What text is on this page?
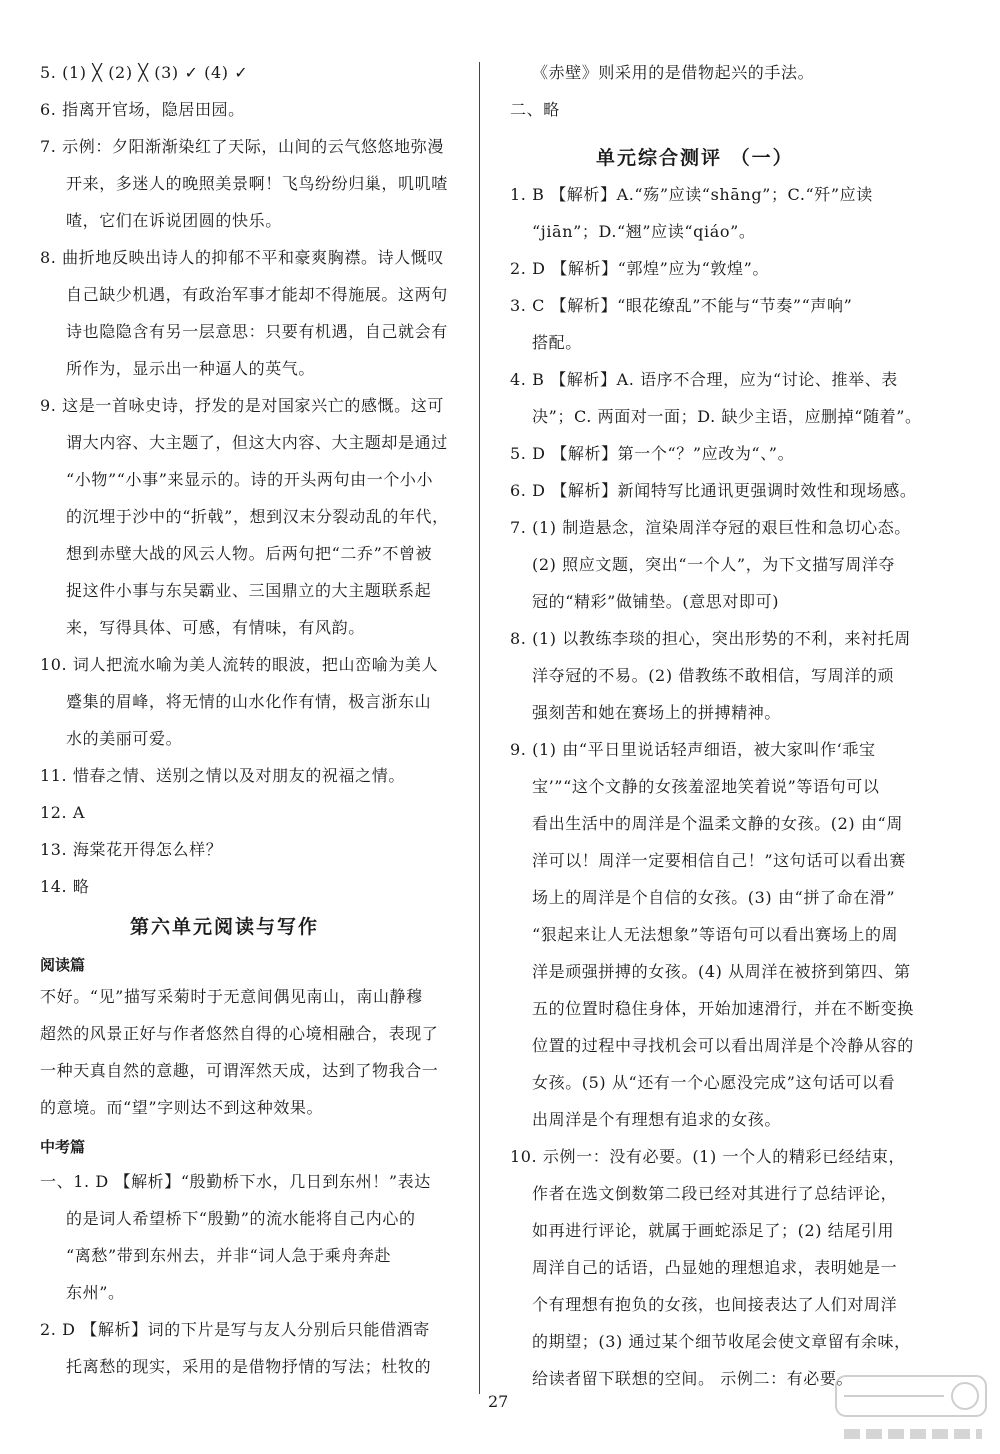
5. (1) ╳ (2) ╳ (3) ✓ (4) ✓
6. 指离开官场，隐居田园。
7. 示例：夕阳渐渐染红了天际，山间的云气悠悠地弥漫
开来，多迷人的晚照美景啊！飞鸟纷纷归巢，叽叽喳
喳，它们在诉说团圆的快乐。
8. 曲折地反映出诗人的抑郁不平和豪爽胸襟。诗人慨叹
自己缺少机遇，有政治军事才能却不得施展。这两句
诗也隐隐含有另一层意思：只要有机遇，自己就会有
所作为，显示出一种逼人的英气。
9. 这是一首咏史诗，抒发的是对国家兴亡的感慨。这可
谓大内容、大主题了，但这大内容、大主题却是通过
“小物”“小事”来显示的。诗的开头两句由一个小小
的沉埋于沙中的“折戟”，想到汉末分裂动乱的年代，
想到赤壁大战的风云人物。后两句把“二乔”不曾被
捉这件小事与东吴霸业、三国鼎立的大主题联系起
来，写得具体、可感，有情味，有风韵。
10. 词人把流水喻为美人流转的眼波，把山峦喻为美人
蹙集的眉峰，将无情的山水化作有情，极言浙东山
水的美丽可爱。
11. 惜春之情、送别之情以及对朋友的祝福之情。
12. A
13. 海棠花开得怎么样？
14. 略
第六单元阅读与写作
阅读篇
不好。“见”描写采菊时于无意间偶见南山，南山静穆
超然的风景正好与作者悠然自得的心境相融合，表现了
一种天真自然的意趣，可谓浑然天成，达到了物我合一
的意境。而“望”字则达不到这种效果。
中考篇
一、1. D 【解析】“殷勤桥下水，几日到东州！”表达
的是词人希望桥下“殷勤”的流水能将自己内心的
“离愁”带到东州去，并非“词人急于乘舟奔赴
东州”。
2. D 【解析】词的下片是写与友人分别后只能借酒寄
托离愁的现实，采用的是借物抒情的写法；杜牧的
《赤壁》则采用的是借物起兴的手法。
二、略
单元综合测评 （一）
1. B 【解析】A.“殇”应读“shāng”；C.“歼”应读
“jiān”；D.“翘”应读“qiáo”。
2. D 【解析】“郭煌”应为“敦煌”。
3. C 【解析】“眼花缭乱”不能与“节奏”“声响”
搭配。
4. B 【解析】A. 语序不合理，应为“讨论、推举、表
决”；C. 两面对一面；D. 缺少主语，应删掉“随着”。
5. D 【解析】第一个“？”应改为“、”。
6. D 【解析】新闻特写比通讯更强调时效性和现场感。
7. (1) 制造悬念，渲染周洋夺冠的艰巨性和急切心态。
(2) 照应文题，突出“一个人”，为下文描写周洋夺
冠的“精彩”做铺垫。(意思对即可)
8. (1) 以教练李琰的担心，突出形势的不利，来衬托周
洋夺冠的不易。(2) 借教练不敢相信，写周洋的顽
强刻苦和她在赛场上的拼搏精神。
9. (1) 由“平日里说话轻声细语，被大家叫作‘乖宝
宝’”“这个文静的女孩羞涩地笑着说”等语句可以
看出生活中的周洋是个温柔文静的女孩。(2) 由“周
洋可以！周洋一定要相信自己！”这句话可以看出赛
场上的周洋是个自信的女孩。(3) 由“拼了命在滑”
“狠起来让人无法想象”等语句可以看出赛场上的周
洋是顽强拼搏的女孩。(4) 从周洋在被挤到第四、第
五的位置时稳住身体，开始加速滑行，并在不断变换
位置的过程中寻找机会可以看出周洋是个冷静从容的
女孩。(5) 从“还有一个心愿没完成”这句话可以看
出周洋是个有理想有追求的女孩。
10. 示例一：没有必要。(1) 一个人的精彩已经结束，
作者在选文倒数第二段已经对其进行了总结评论，
如再进行评论，就属于画蛇添足了；(2) 结尾引用
周洋自己的话语，凸显她的理想追求，表明她是一
个有理想有抱负的女孩，也间接表达了人们对周洋
的期望；(3) 通过某个细节收尾会使文章留有余味，
给读者留下联想的空间。 示例二：有必要。
27
